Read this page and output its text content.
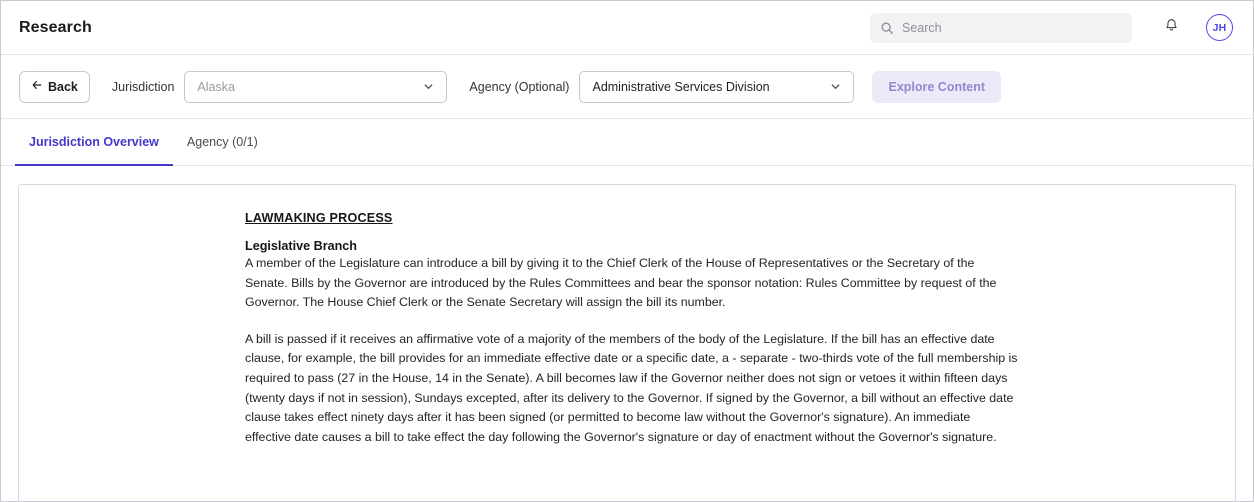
Research
Search	JH
Back	Jurisdiction Alaska	Agency (Optional) Administrative Services Division	Explore Content
Jurisdiction Overview	Agency (0/1)
LAWMAKING PROCESS
Legislative Branch

A member of the Legislature can introduce a bill by giving it to the Chief Clerk of the House of Representatives or the Secretary of the Senate. Bills by the Governor are introduced by the Rules Committees and bear the sponsor notation: Rules Committee by request of the Governor. The House Chief Clerk or the Senate Secretary will assign the bill its number.

A bill is passed if it receives an affirmative vote of a majority of the members of the body of the Legislature. If the bill has an effective date clause, for example, the bill provides for an immediate effective date or a specific date, a - separate - two-thirds vote of the full membership is required to pass (27 in the House, 14 in the Senate). A bill becomes law if the Governor neither does not sign or vetoes it within fifteen days (twenty days if not in session), Sundays excepted, after its delivery to the Governor. If signed by the Governor, a bill without an effective date clause takes effect ninety days after it has been signed (or permitted to become law without the Governor's signature). An immediate effective date causes a bill to take effect the day following the Governor's signature or day of enactment without the Governor's signature.
